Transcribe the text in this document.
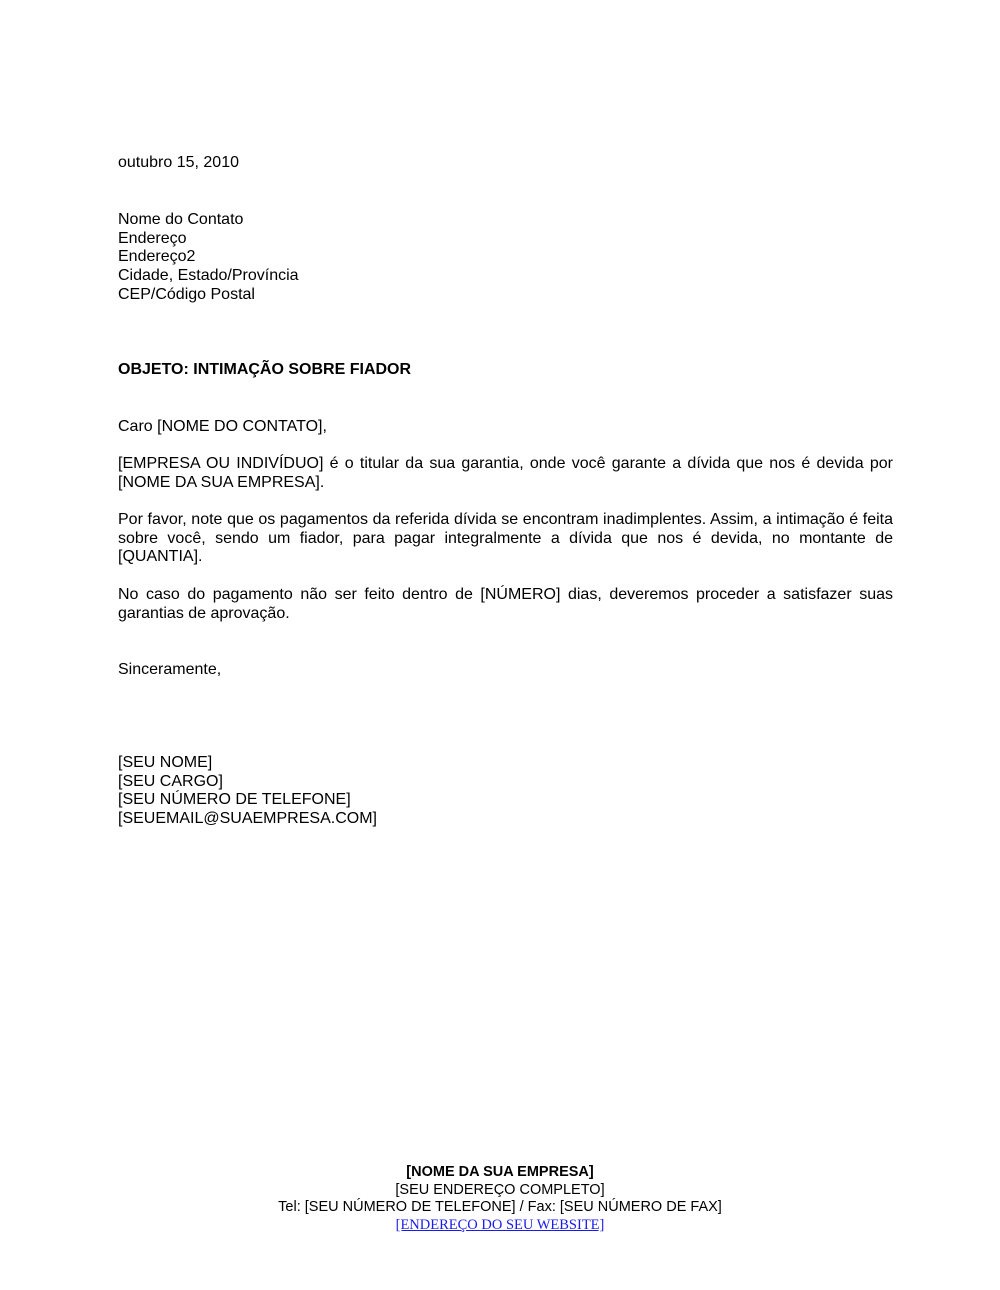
outubro 15, 2010
Nome do Contato
Endereço
Endereço2
Cidade, Estado/Província
CEP/Código Postal
OBJETO: INTIMAÇÃO SOBRE FIADOR
Caro [NOME DO CONTATO],
[EMPRESA OU INDIVÍDUO] é o titular da sua garantia, onde você garante a dívida que nos é devida por [NOME DA SUA EMPRESA].
Por favor, note que os pagamentos da referida dívida se encontram inadimplentes. Assim, a intimação é feita sobre você, sendo um fiador, para pagar integralmente a dívida que nos é devida, no montante de [QUANTIA].
No caso do pagamento não ser feito dentro de [NÚMERO] dias, deveremos proceder a satisfazer suas garantias de aprovação.
Sinceramente,
[SEU NOME]
[SEU CARGO]
[SEU NÚMERO DE TELEFONE]
[SEUEMAIL@SUAEMPRESA.COM]
[NOME DA SUA EMPRESA]
[SEU ENDEREÇO COMPLETO]
Tel: [SEU NÚMERO DE TELEFONE] / Fax: [SEU NÚMERO DE FAX]
[ENDEREÇO DO SEU WEBSITE]
